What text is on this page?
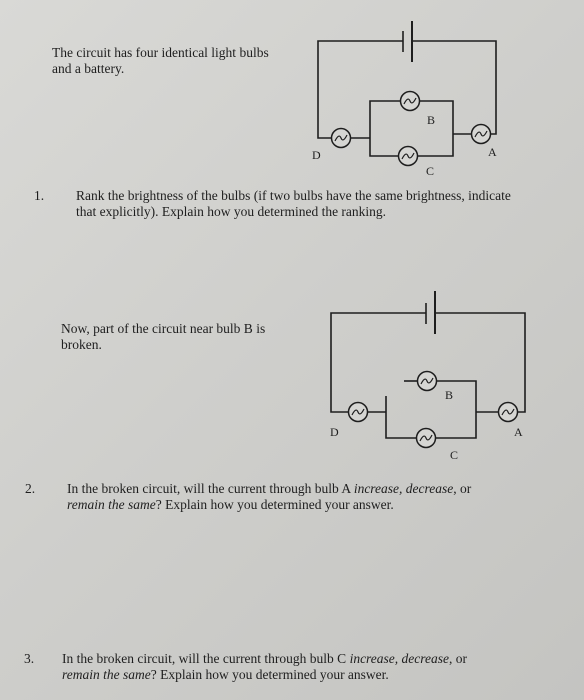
The circuit has four identical light bulbs
and a battery.
1. Rank the brightness of the bulbs (if two bulbs have the same brightness, indicate
that explicitly). Explain how you determined the ranking.
Now, part of the circuit near bulb B is
broken.
2. In the broken circuit, will the current through bulb A increase, decrease, or
remain the same? Explain how you determined your answer.
3. In the broken circuit, will the current through bulb C increase, decrease, or
remain the same? Explain how you determined your answer.
B
D
C
A
B
D
C
A
